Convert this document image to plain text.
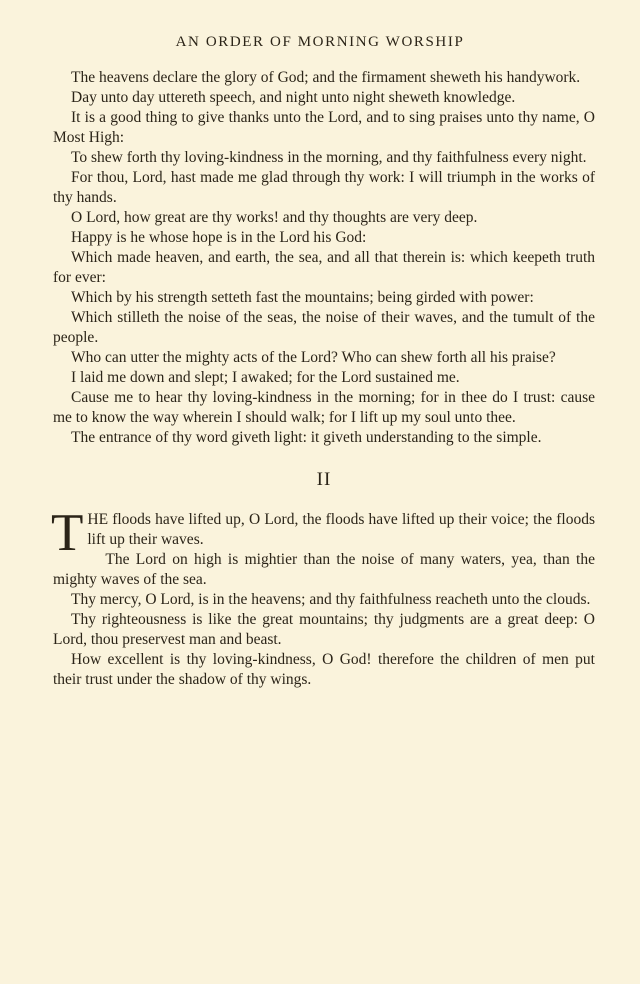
AN ORDER OF MORNING WORSHIP

The heavens declare the glory of God; and the firmament sheweth his handywork.

Day unto day uttereth speech, and night unto night sheweth knowledge.

It is a good thing to give thanks unto the Lord, and to sing praises unto thy name, O Most High:

To shew forth thy loving-kindness in the morning, and thy faithfulness every night.

For thou, Lord, hast made me glad through thy work: I will triumph in the works of thy hands.

O Lord, how great are thy works! and thy thoughts are very deep.

Happy is he whose hope is in the Lord his God:

Which made heaven, and earth, the sea, and all that therein is: which keepeth truth for ever:

Which by his strength setteth fast the mountains; being girded with power:

Which stilleth the noise of the seas, the noise of their waves, and the tumult of the people.

Who can utter the mighty acts of the Lord? Who can shew forth all his praise?

I laid me down and slept; I awaked; for the Lord sustained me.

Cause me to hear thy loving-kindness in the morning; for in thee do I trust: cause me to know the way wherein I should walk; for I lift up my soul unto thee.

The entrance of thy word giveth light: it giveth understanding to the simple.

II

THE floods have lifted up, O Lord, the floods have lifted up their voice; the floods lift up their waves.

The Lord on high is mightier than the noise of many waters, yea, than the mighty waves of the sea.

Thy mercy, O Lord, is in the heavens; and thy faithfulness reacheth unto the clouds.

Thy righteousness is like the great mountains; thy judgments are a great deep: O Lord, thou preservest man and beast.

How excellent is thy loving-kindness, O God! therefore the children of men put their trust under the shadow of thy wings.
